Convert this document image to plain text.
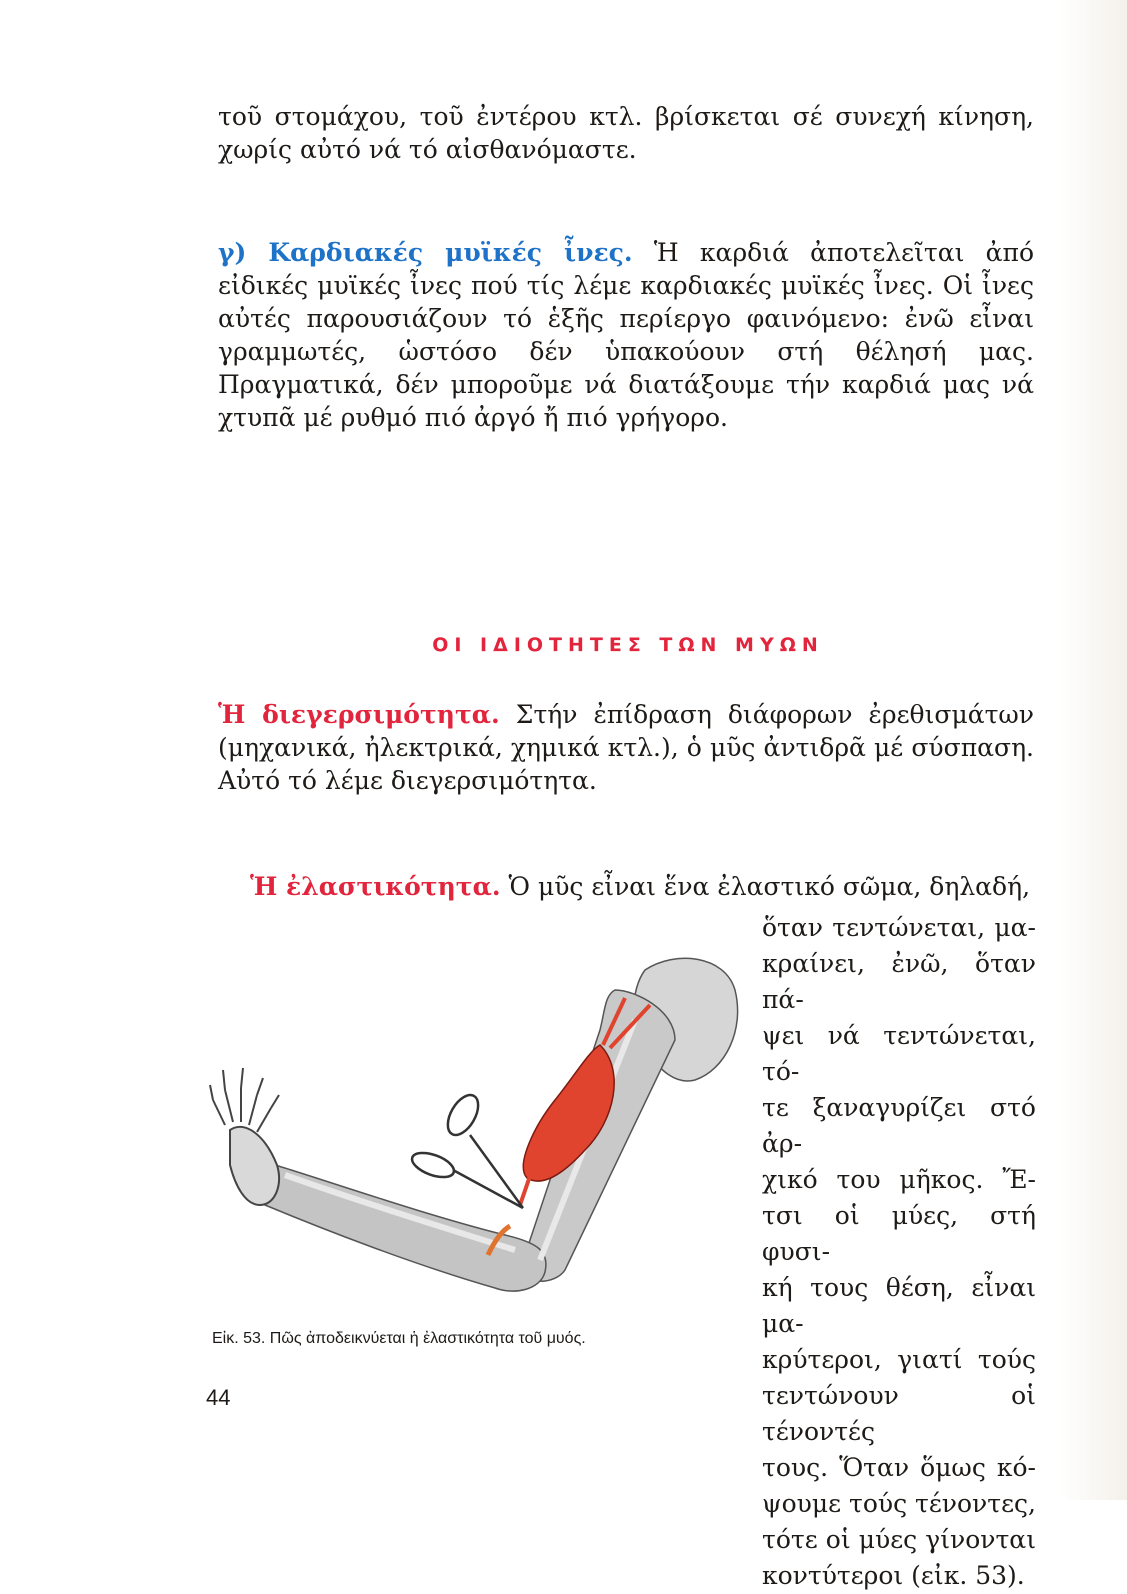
τοῦ στομάχου, τοῦ ἐντέρου κτλ. βρίσκεται σέ συνεχή κίνηση, χωρίς αὐτό νά τό αἰσθανόμαστε.
γ) Καρδιακές μυϊκές ἶνες. Ἡ καρδιά ἀποτελεῖται ἀπό εἰδικές μυϊκές ἶνες πού τίς λέμε καρδιακές μυϊκές ἶνες. Οἱ ἶνες αὐτές παρουσιάζουν τό ἑξῆς περίεργο φαινόμενο: ἐνῶ εἶναι γραμμωτές, ὡστόσο δέν ὑπακούουν στή θέλησή μας. Πραγματικά, δέν μποροῦμε νά διατάξουμε τήν καρδιά μας νά χτυπᾶ μέ ρυθμό πιό ἀργό ἤ πιό γρήγορο.
ΟΙ ΙΔΙΟΤΗΤΕΣ ΤΩΝ ΜΥΩΝ
Ἡ διεγερσιμότητα. Στήν ἐπίδραση διάφορων ἐρεθισμάτων (μηχανικά, ἠλεκτρικά, χημικά κτλ.), ὁ μῦς ἀντιδρᾶ μέ σύσπαση. Αὐτό τό λέμε διεγερσιμότητα.
Ἡ ἐλαστικότητα. Ὁ μῦς εἶναι ἕνα ἐλαστικό σῶμα, δηλαδή,
ὅταν τεντώνεται, μα-
κραίνει, ἐνῶ, ὅταν πά-
ψει νά τεντώνεται, τό-
τε ξαναγυρίζει στό ἀρ-
χικό του μῆκος. Ἔ-
τσι οἱ μύες, στή φυσι-
κή τους θέση, εἶναι μα-
κρύτεροι, γιατί τούς
τεντώνουν οἱ τένοντές
τους. Ὅταν ὅμως κό-
ψουμε τούς τένοντες,
τότε οἱ μύες γίνονται
κοντύτεροι (εἰκ. 53).
Εἰκ. 53. Πῶς ἀποδεικνύεται ἡ ἐλαστικότητα τοῦ μυός.
44
